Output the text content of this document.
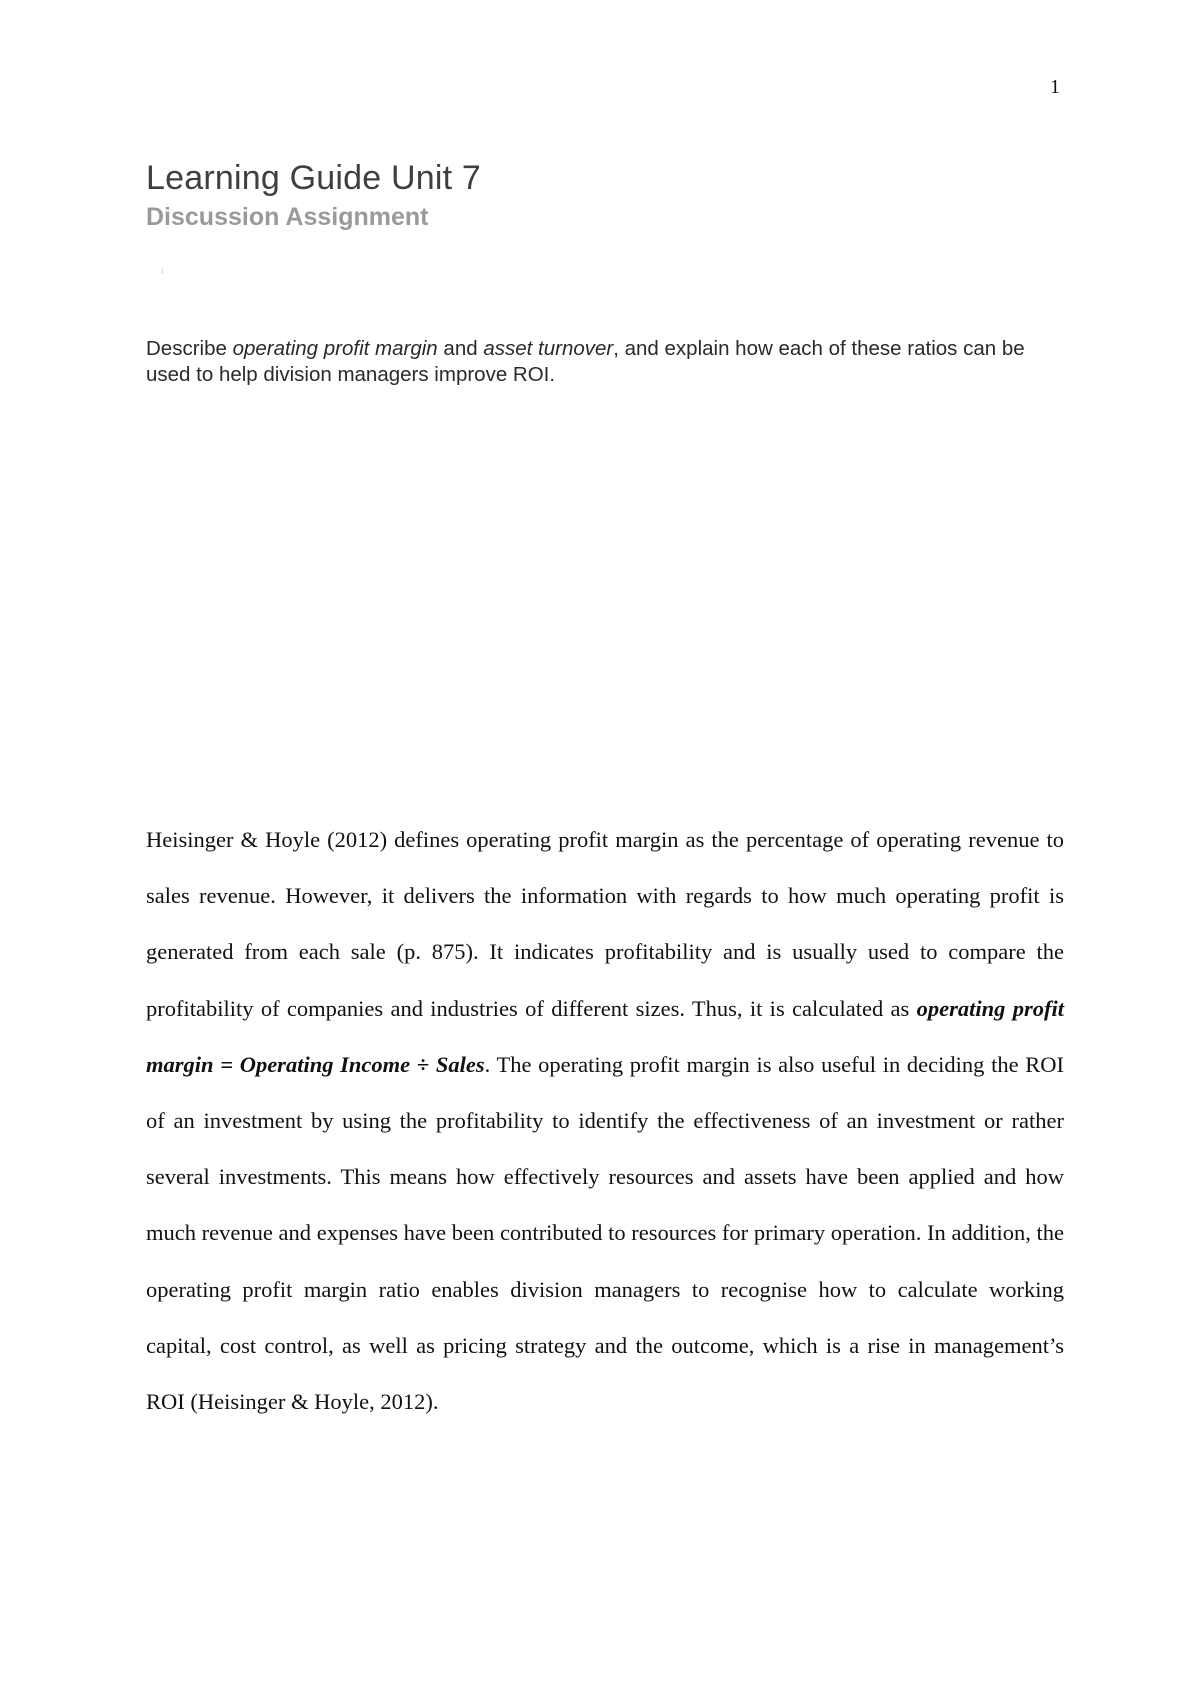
1
Learning Guide Unit 7
Discussion Assignment

Describe operating profit margin and asset turnover, and explain how each of these ratios can be used to help division managers improve ROI.

Heisinger & Hoyle (2012) defines operating profit margin as the percentage of operating revenue to sales revenue. However, it delivers the information with regards to how much operating profit is generated from each sale (p. 875). It indicates profitability and is usually used to compare the profitability of companies and industries of different sizes. Thus, it is calculated as operating profit margin = Operating Income ÷ Sales. The operating profit margin is also useful in deciding the ROI of an investment by using the profitability to identify the effectiveness of an investment or rather several investments. This means how effectively resources and assets have been applied and how much revenue and expenses have been contributed to resources for primary operation. In addition, the operating profit margin ratio enables division managers to recognise how to calculate working capital, cost control, as well as pricing strategy and the outcome, which is a rise in management’s ROI (Heisinger & Hoyle, 2012).
